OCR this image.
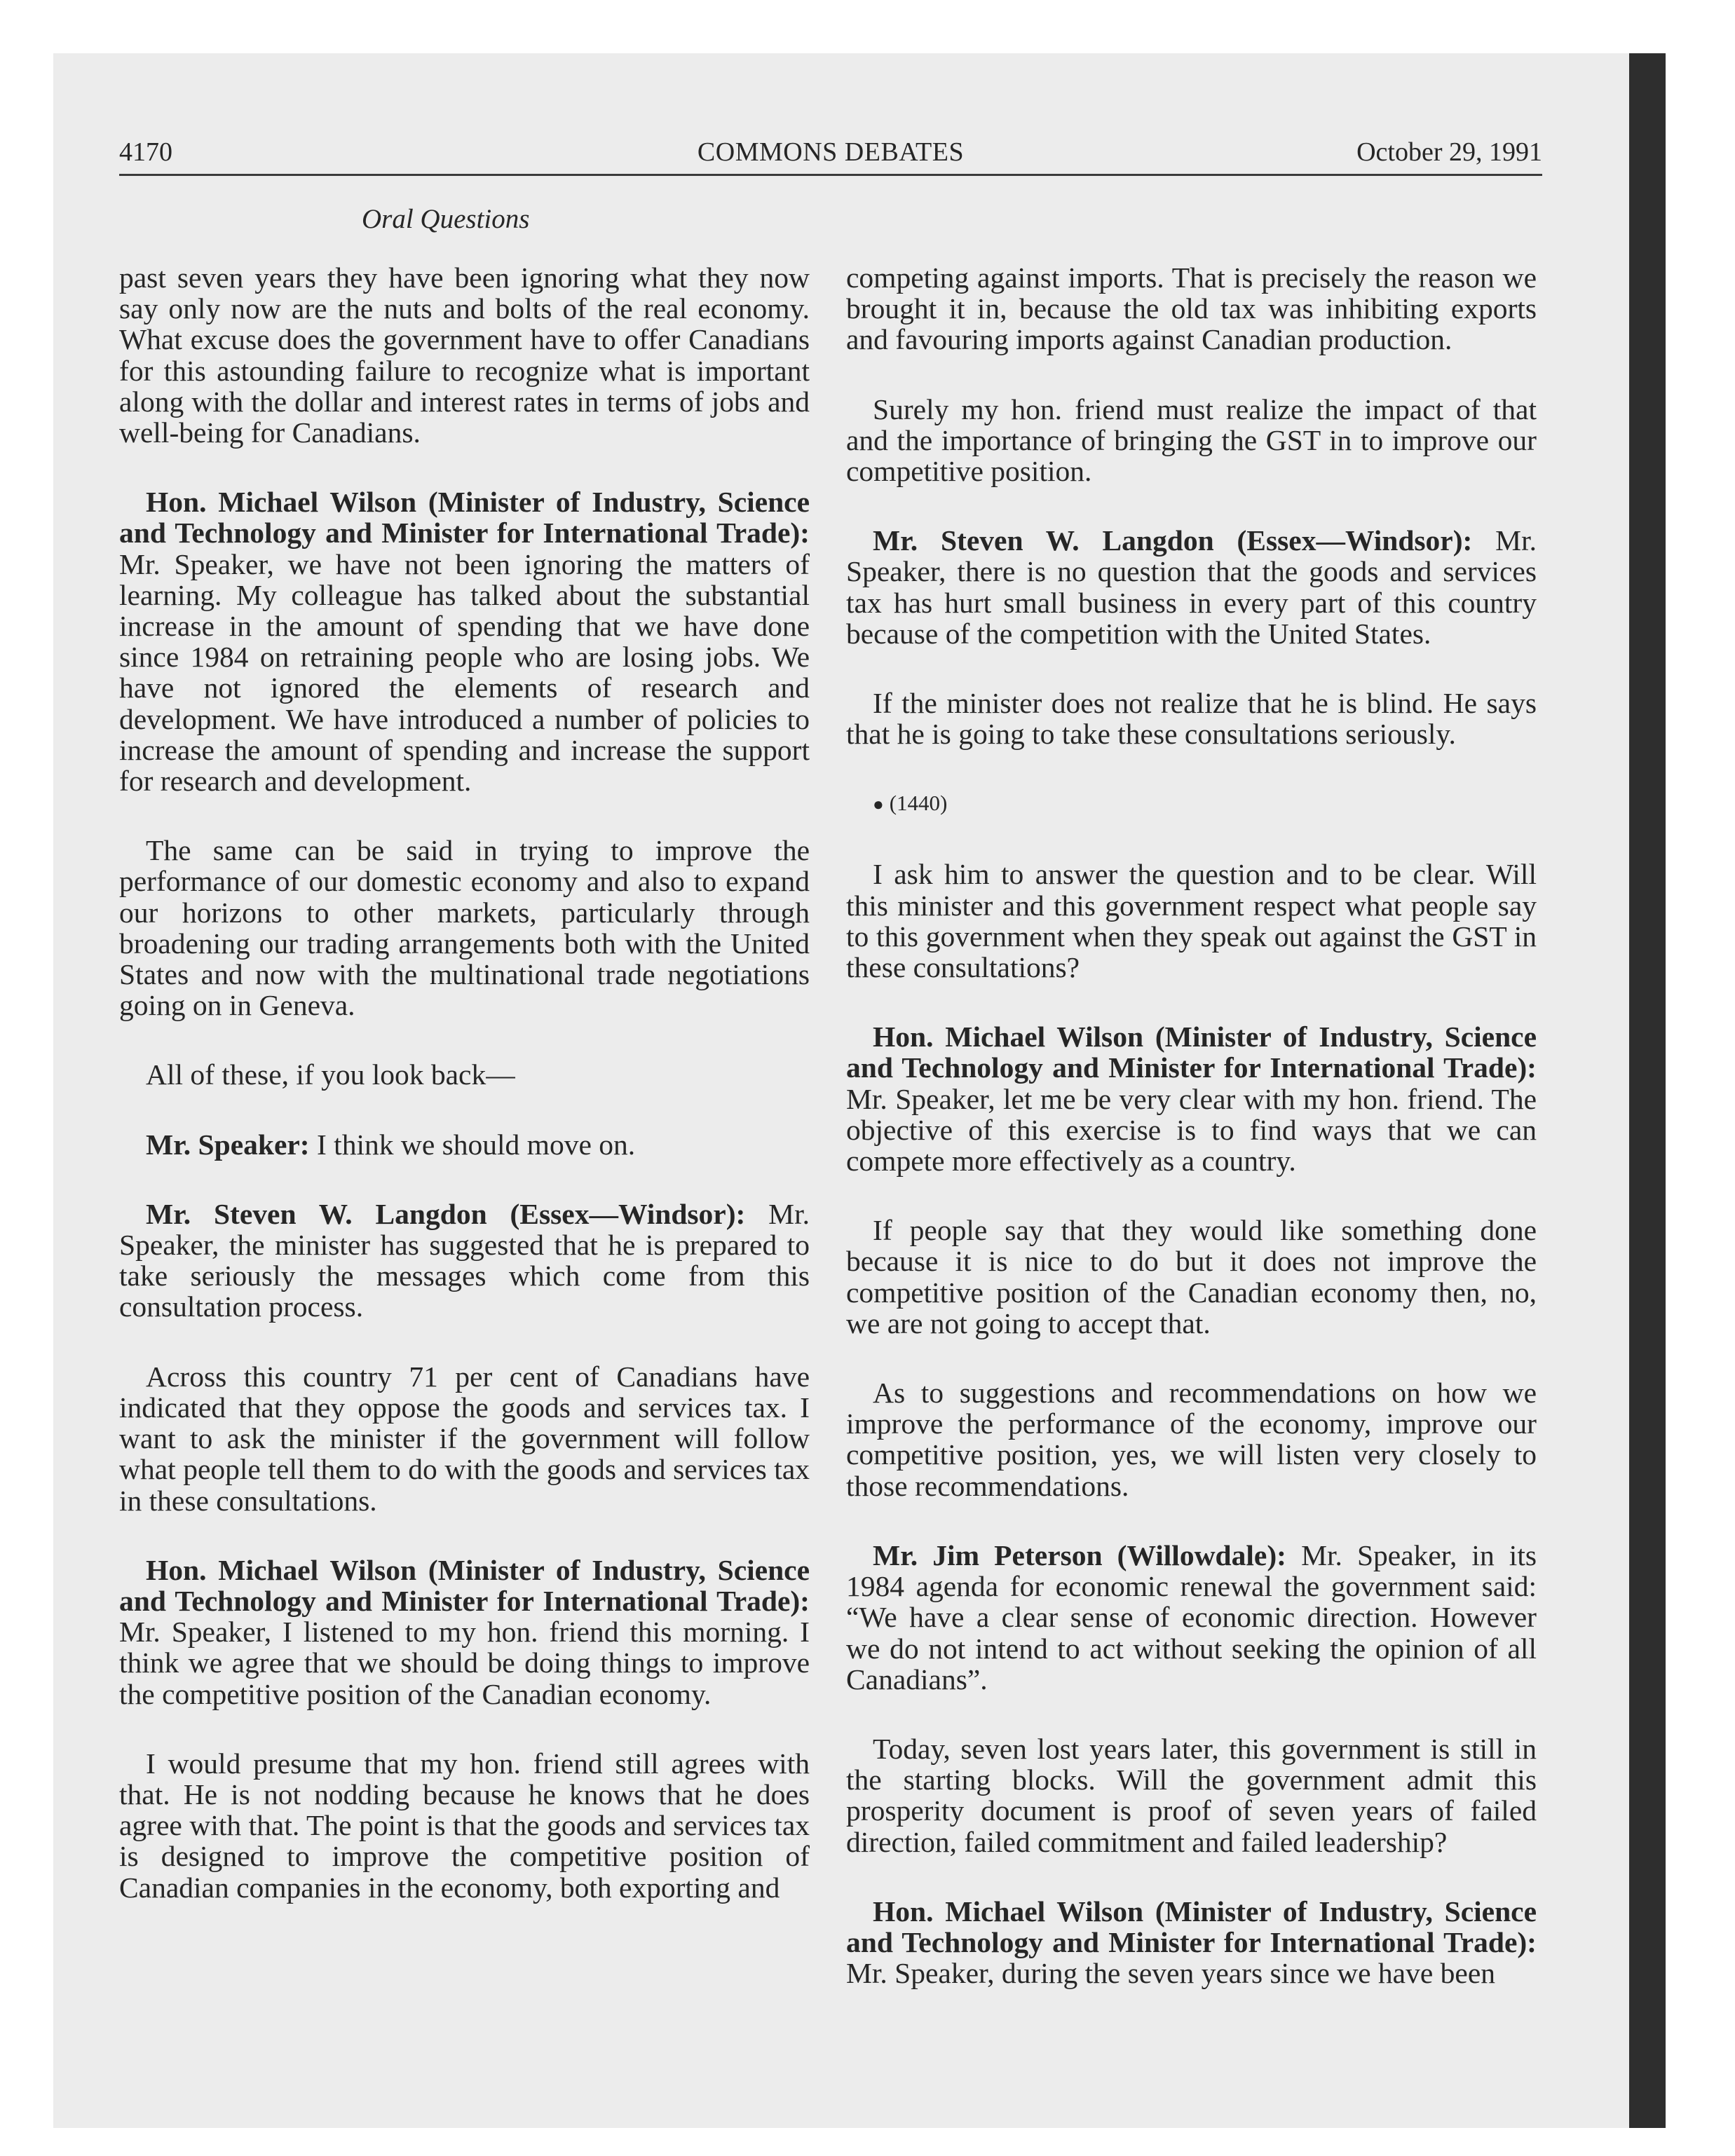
4170	COMMONS DEBATES	October 29, 1991
Oral Questions

past seven years they have been ignoring what they now say only now are the nuts and bolts of the real economy. What excuse does the government have to offer Canadians for this astounding failure to recognize what is important along with the dollar and interest rates in terms of jobs and well-being for Canadians.

Hon. Michael Wilson (Minister of Industry, Science and Technology and Minister for International Trade): Mr. Speaker, we have not been ignoring the matters of learning. My colleague has talked about the substantial increase in the amount of spending that we have done since 1984 on retraining people who are losing jobs. We have not ignored the elements of research and development. We have introduced a number of policies to increase the amount of spending and increase the support for research and development.

The same can be said in trying to improve the performance of our domestic economy and also to expand our horizons to other markets, particularly through broadening our trading arrangements both with the United States and now with the multinational trade negotiations going on in Geneva.

All of these, if you look back—

Mr. Speaker: I think we should move on.

Mr. Steven W. Langdon (Essex—Windsor): Mr. Speaker, the minister has suggested that he is prepared to take seriously the messages which come from this consultation process.

Across this country 71 per cent of Canadians have indicated that they oppose the goods and services tax. I want to ask the minister if the government will follow what people tell them to do with the goods and services tax in these consultations.

Hon. Michael Wilson (Minister of Industry, Science and Technology and Minister for International Trade): Mr. Speaker, I listened to my hon. friend this morning. I think we agree that we should be doing things to improve the competitive position of the Canadian economy.

I would presume that my hon. friend still agrees with that. He is not nodding because he knows that he does agree with that. The point is that the goods and services tax is designed to improve the competitive position of Canadian companies in the economy, both exporting and

competing against imports. That is precisely the reason we brought it in, because the old tax was inhibiting exports and favouring imports against Canadian production.

Surely my hon. friend must realize the impact of that and the importance of bringing the GST in to improve our competitive position.

Mr. Steven W. Langdon (Essex—Windsor): Mr. Speaker, there is no question that the goods and services tax has hurt small business in every part of this country because of the competition with the United States.

If the minister does not realize that he is blind. He says that he is going to take these consultations seriously.

● (1440)

I ask him to answer the question and to be clear. Will this minister and this government respect what people say to this government when they speak out against the GST in these consultations?

Hon. Michael Wilson (Minister of Industry, Science and Technology and Minister for International Trade): Mr. Speaker, let me be very clear with my hon. friend. The objective of this exercise is to find ways that we can compete more effectively as a country.

If people say that they would like something done because it is nice to do but it does not improve the competitive position of the Canadian economy then, no, we are not going to accept that.

As to suggestions and recommendations on how we improve the performance of the economy, improve our competitive position, yes, we will listen very closely to those recommendations.

Mr. Jim Peterson (Willowdale): Mr. Speaker, in its 1984 agenda for economic renewal the government said: “We have a clear sense of economic direction. However we do not intend to act without seeking the opinion of all Canadians”.

Today, seven lost years later, this government is still in the starting blocks. Will the government admit this prosperity document is proof of seven years of failed direction, failed commitment and failed leadership?

Hon. Michael Wilson (Minister of Industry, Science and Technology and Minister for International Trade): Mr. Speaker, during the seven years since we have been
